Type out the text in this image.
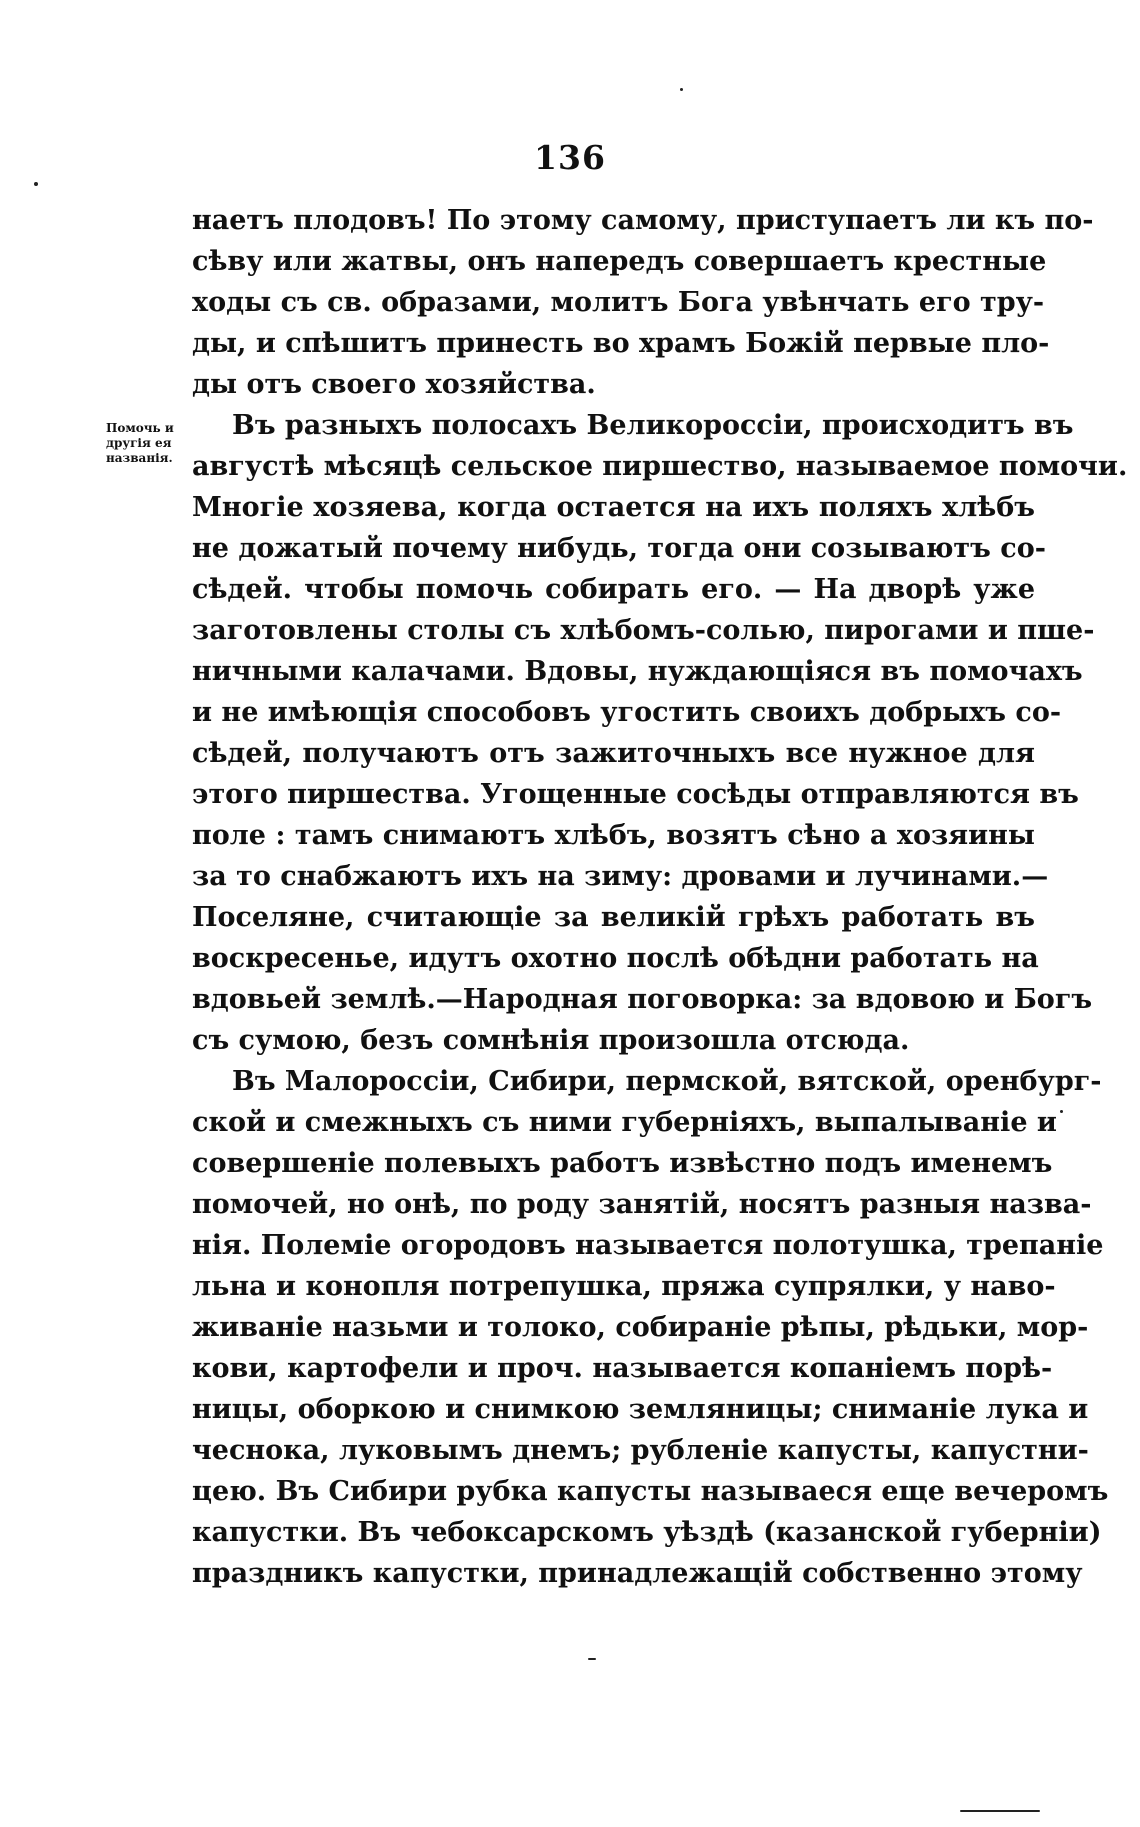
136
Помочь и другія ея названія.
наетъ плодовъ! По этому самому, приступаетъ ли къ по-
сѣву или жатвы, онъ напередъ совершаетъ крестные
ходы съ св. образами, молитъ Бога увѣнчать его тру-
ды, и спѣшитъ принесть во храмъ Божій первые пло-
ды отъ своего хозяйства.
Въ разныхъ полосахъ Великороссіи, происходитъ въ
августѣ мѣсяцѣ сельское пиршество, называемое помочи.
Многіе хозяева, когда остается на ихъ поляхъ хлѣбъ
не дожатый почему нибудь, тогда они созываютъ со-
сѣдей. чтобы помочь собирать его. — На дворѣ уже
заготовлены столы съ хлѣбомъ-солью, пирогами и пше-
ничными калачами. Вдовы, нуждающіяся въ помочахъ
и не имѣющія способовъ угостить своихъ добрыхъ со-
сѣдей, получаютъ отъ зажиточныхъ все нужное для
этого пиршества. Угощенные сосѣды отправляются въ
поле : тамъ снимаютъ хлѣбъ, возятъ сѣно а хозяины
за то снабжаютъ ихъ на зиму: дровами и лучинами.—
Поселяне, считающіе за великій грѣхъ работать въ
воскресенье, идутъ охотно послѣ обѣдни работать на
вдовьей землѣ.—Народная поговорка: за вдовою и Богъ
съ сумою, безъ сомнѣнія произошла отсюда.
Въ Малороссіи, Сибири, пермской, вятской, оренбург-
ской и смежныхъ съ ними губерніяхъ, выпалываніе и
совершеніе полевыхъ работъ извѣстно подъ именемъ
помочей, но онѣ, по роду занятій, носятъ разныя назва-
нія. Полеміе огородовъ называется полотушка, трепаніе
льна и конопля потрепушка, пряжа супрялки, у наво-
живаніе назьми и толоко, собираніе рѣпы, рѣдьки, мор-
кови, картофели и проч. называется копаніемъ порѣ-
ницы, оборкою и снимкою земляницы; сниманіе лука и
чеснока, луковымъ днемъ; рубленіе капусты, капустни-
цею. Въ Сибири рубка капусты называеся еще вечеромъ
капустки. Въ чебоксарскомъ уѣздѣ (казанской губерніи)
праздникъ капустки, принадлежащій собственно этому
